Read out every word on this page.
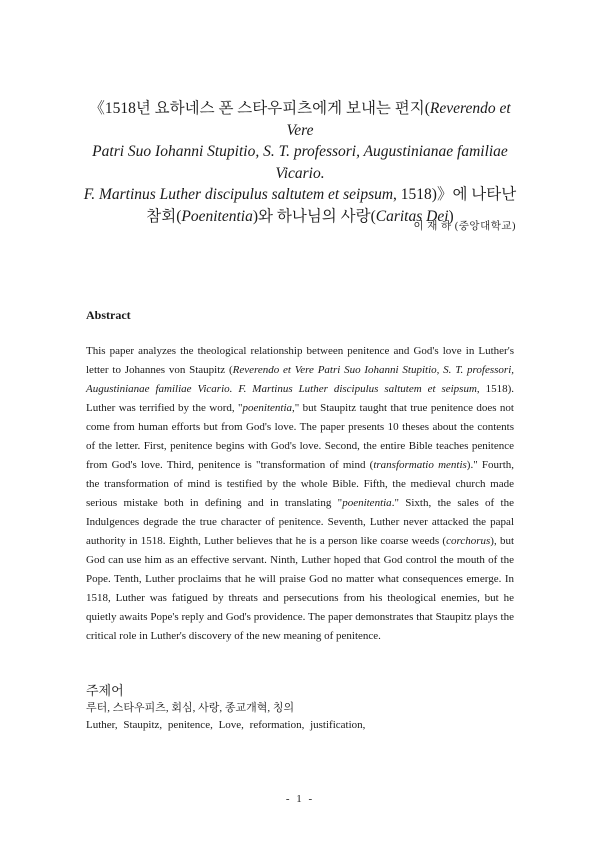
《1518년 요하네스 폰 스타우피츠에게 보내는 편지(Reverendo et Vere
Patri Suo Iohanni Stupitio, S. T. professori, Augustinianae familiae Vicario.
F. Martinus Luther discipulus saltutem et seipsum, 1518)》에 나타난
참회(Poenitentia)와 하나님의 사랑(Caritas Dei)
이 재 하 (중앙대학교)
Abstract
This paper analyzes the theological relationship between penitence and God's love in Luther's letter to Johannes von Staupitz (Reverendo et Vere Patri Suo Iohanni Stupitio, S. T. professori, Augustinianae familiae Vicario. F. Martinus Luther discipulus saltutem et seipsum, 1518). Luther was terrified by the word, "poenitentia," but Staupitz taught that true penitence does not come from human efforts but from God's love. The paper presents 10 theses about the contents of the letter. First, penitence begins with God's love. Second, the entire Bible teaches penitence from God's love. Third, penitence is "transformation of mind (transformatio mentis)." Fourth, the transformation of mind is testified by the whole Bible. Fifth, the medieval church made serious mistake both in defining and in translating "poenitentia." Sixth, the sales of the Indulgences degrade the true character of penitence. Seventh, Luther never attacked the papal authority in 1518. Eighth, Luther believes that he is a person like coarse weeds (corchorus), but God can use him as an effective servant. Ninth, Luther hoped that God control the mouth of the Pope. Tenth, Luther proclaims that he will praise God no matter what consequences emerge. In 1518, Luther was fatigued by threats and persecutions from his theological enemies, but he quietly awaits Pope's reply and God's providence. The paper demonstrates that Staupitz plays the critical role in Luther's discovery of the new meaning of penitence.
주제어
루터, 스타우피츠, 회심, 사랑, 종교개혁, 칭의
Luther, Staupitz, penitence, Love, reformation, justification,
- 1 -
